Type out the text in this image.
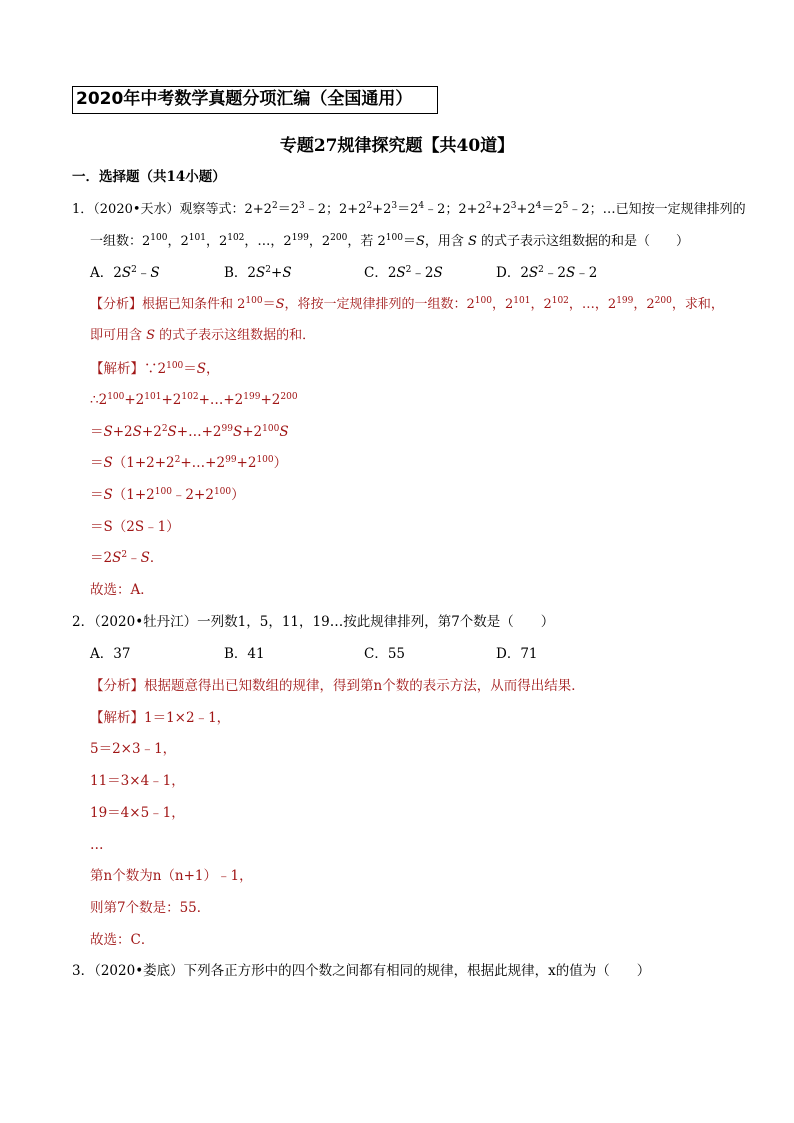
2020年中考数学真题分项汇编（全国通用）
专题27规律探究题【共40道】
一．选择题（共14小题）
1．（2020•天水）观察等式：$2+2^2=2^3﹣2$；$2+2^2+2^3=2^4﹣2$；$2+2^2+2^3+2^4=2^5﹣2$；…已知按一定规律排列的
一组数：$2^{100}$，$2^{101}$，$2^{102}$，…，$2^{199}$，$2^{200}$，若 $2^{100}=S$，用含 S 的式子表示这组数据的和是（　　）
A．$2S^2﹣S$	B．$2S^2+S$	C．$2S^2﹣2S$	D．$2S^2﹣2S﹣2$
【分析】根据已知条件和 $2^{100}=S$，将按一定规律排列的一组数：$2^{100}$，$2^{101}$，$2^{102}$，…，$2^{199}$，$2^{200}$，求和，
即可用含 S 的式子表示这组数据的和．
【解析】$\because 2^{100}=S$，
$\therefore 2^{100}+2^{101}+2^{102}+\dots+2^{199}+2^{200}$
$=S+2S+2^2S+\dots+2^{99}S+2^{100}S$
$=S(1+2+2^2+\dots+2^{99}+2^{100})$
$=S(1+2^{100}﹣2+2^{100})$
＝S（2S﹣1）
$=2S^2﹣S$．
故选：A．
2．（2020•牡丹江）一列数1，5，11，19…按此规律排列，第7个数是（　　）
A．37	B．41	C．55	D．71
【分析】根据题意得出已知数组的规律，得到第n个数的表示方法，从而得出结果．
【解析】1＝1×2﹣1，
5＝2×3﹣1，
11＝3×4﹣1，
19＝4×5﹣1，
…
第n个数为n（n+1）﹣1，
则第7个数是：55．
故选：C．
3．（2020•娄底）下列各正方形中的四个数之间都有相同的规律，根据此规律，x的值为（　　）
